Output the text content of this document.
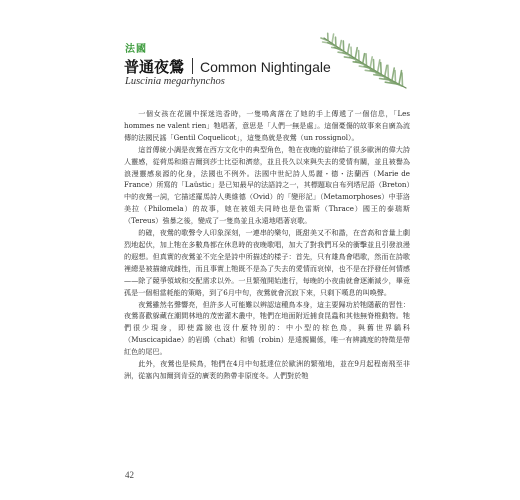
法國
普通夜鶯 Common Nightingale
Luscinia megarhynchos

一個女孩在花園中探迷迭香時，一隻鳴禽落在了她的手上傳遞了一個信息，「Les hommes ne valent rien」牠唱著，意思是「人們一無是處」。這個憂傷的故事來自廣為流傳的法國民謠「Gentil Coquelicot」，這隻鳥就是夜鶯（un rossignol）。

這首傳統小調是夜鶯在西方文化中的典型角色，牠在夜晚的旋律給了很多歐洲的偉大詩人靈感，從荷馬和維吉爾到莎士比亞和濟慈，並且長久以來與失去的愛情有關，並且被譽為浪漫靈感泉源的化身，法國也不例外。法國中世紀詩人馬麗・德・法蘭西（Marie de France）所寫的「Laüstic」是已知最早的法語詩之一，其標題取自布列塔尼語（Breton）中的夜鶯一詞，它描述羅馬詩人奧維德（Ovid）的「變形記」（Metamorphoses）中菲洛美拉（Philomela）的故事，她在被姐夫同時也是色雷斯（Thrace）國王的泰瑞斯（Tereus）強暴之後，變成了一隻鳥並且永遠地唱著哀歌。

的確，夜鶯的歌聲令人印象深刻，一連串的樂句，既甜美又不和諧，在音高和音量上劇烈地起伏，加上牠在多數鳥都在休息時的夜晚歌唱，加大了對我們耳朵的衝擊並且引發浪漫的遐想。但真實的夜鶯並不完全是詩中所描述的樣子：首先，只有雄鳥會唱歌，然而在詩歌裡總是被描繪成雌性，而且事實上牠既不是為了失去的愛情而哀悼，也不是在抒發任何情感——除了競爭領域和交配需求以外。一旦繁殖開始進行，每晚的小夜曲就會逐漸減少，畢竟孤是一個相當耗能的策略，到了6月中旬，夜鶯就會沉寂下來，只剩下嘆息的叫喚聲。

夜鶯雖然名聲響亮，但許多人可能難以辨認這種鳥本身，這主要歸功於牠隱蔽的習性：夜鶯喜歡躲藏在潮間林地的茂密灌木叢中，牠們在地面附近捕食昆蟲和其他無脊椎動物。牠們很少現身，即使露臉也沒什麼特別的：中小型的棕色鳥，與舊世界鶲科（Muscicapidae）的岩鵖（chat）和鴝（robin）是遠親關係，唯一有辨識度的特徵是帶紅色的尾巴。

此外，夜鶯也是候鳥，牠們在4月中旬抵達位於歐洲的繁殖地，並在9月起程南飛至非洲，從塞內加爾到肯亞的廣袤的熱帶非原度冬。人們對於牠

42
